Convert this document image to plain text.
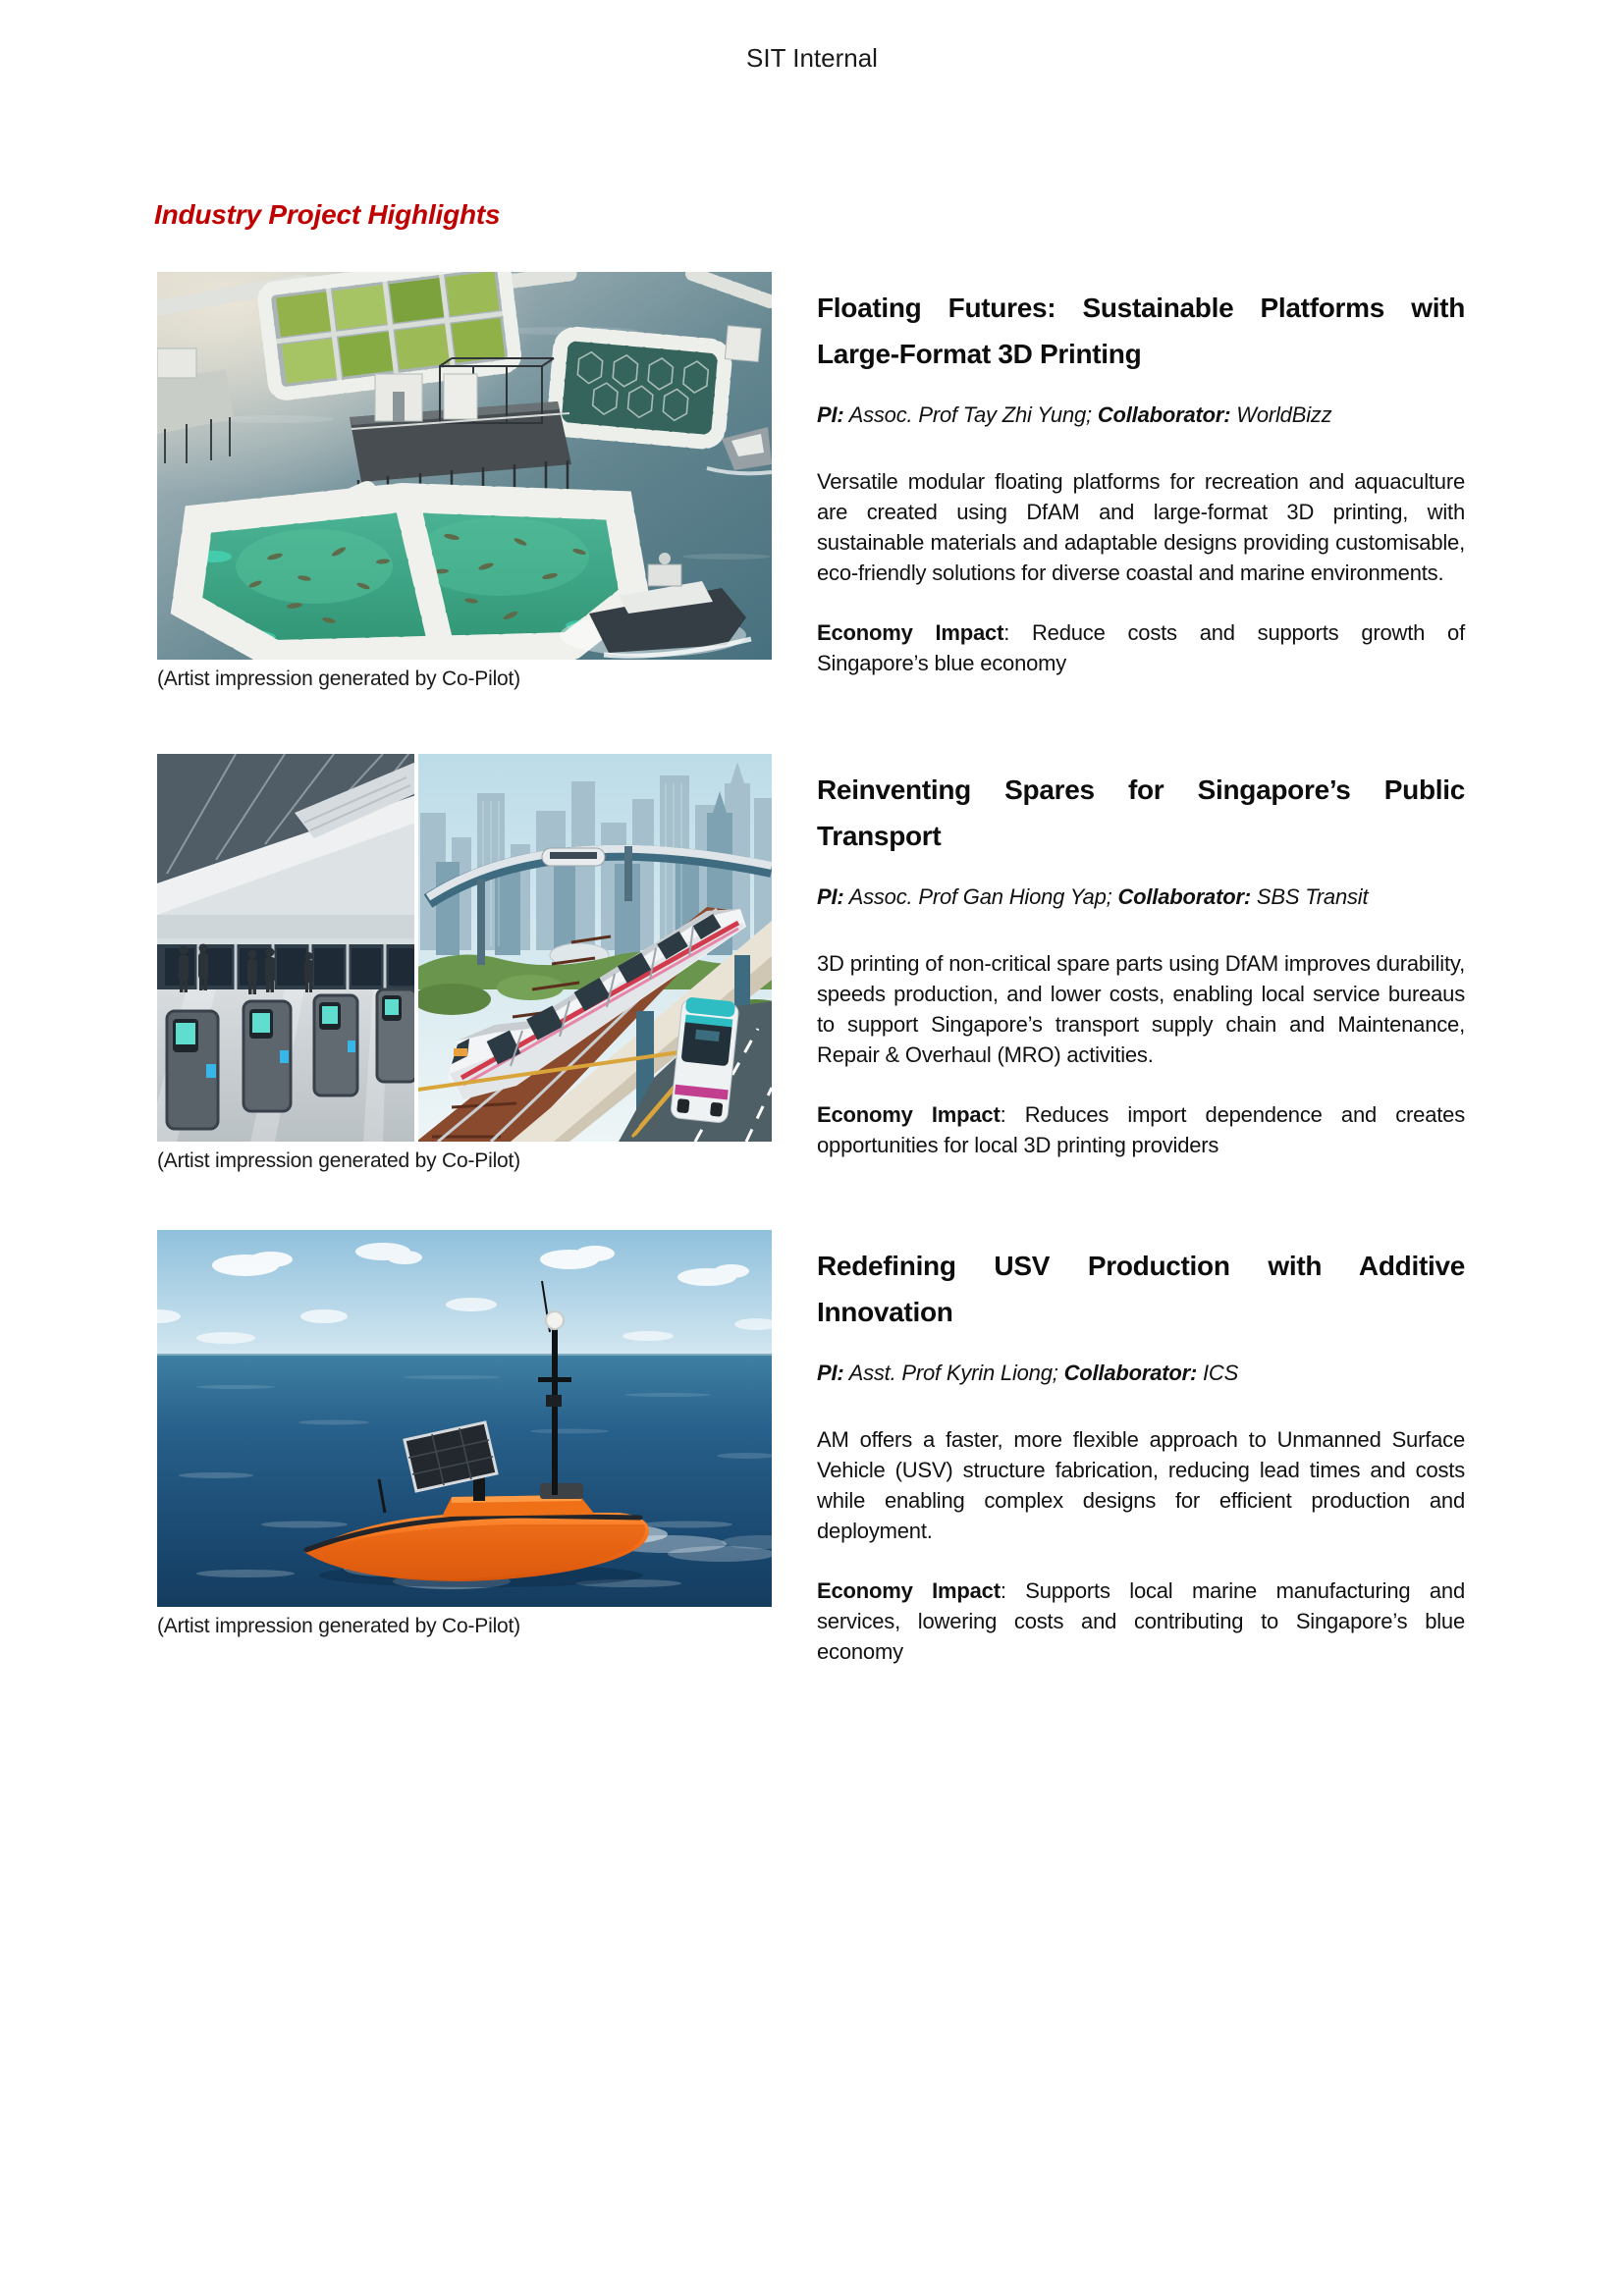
SIT Internal
Industry Project Highlights
(Artist impression generated by Co-Pilot)
Floating Futures: Sustainable Platforms with Large-Format 3D Printing
PI: Assoc. Prof Tay Zhi Yung; Collaborator: WorldBizz
Versatile modular floating platforms for recreation and aquaculture are created using DfAM and large-format 3D printing, with sustainable materials and adaptable designs providing customisable, eco-friendly solutions for diverse coastal and marine environments.
Economy Impact: Reduce costs and supports growth of Singapore’s blue economy
(Artist impression generated by Co-Pilot)
Reinventing Spares for Singapore’s Public Transport
PI: Assoc. Prof Gan Hiong Yap; Collaborator: SBS Transit
3D printing of non-critical spare parts using DfAM improves durability, speeds production, and lower costs, enabling local service bureaus to support Singapore’s transport supply chain and Maintenance, Repair & Overhaul (MRO) activities.
Economy Impact: Reduces import dependence and creates opportunities for local 3D printing providers
(Artist impression generated by Co-Pilot)
Redefining USV Production with Additive Innovation
PI: Asst. Prof Kyrin Liong; Collaborator: ICS
AM offers a faster, more flexible approach to Unmanned Surface Vehicle (USV) structure fabrication, reducing lead times and costs while enabling complex designs for efficient production and deployment.
Economy Impact: Supports local marine manufacturing and services, lowering costs and contributing to Singapore’s blue economy
